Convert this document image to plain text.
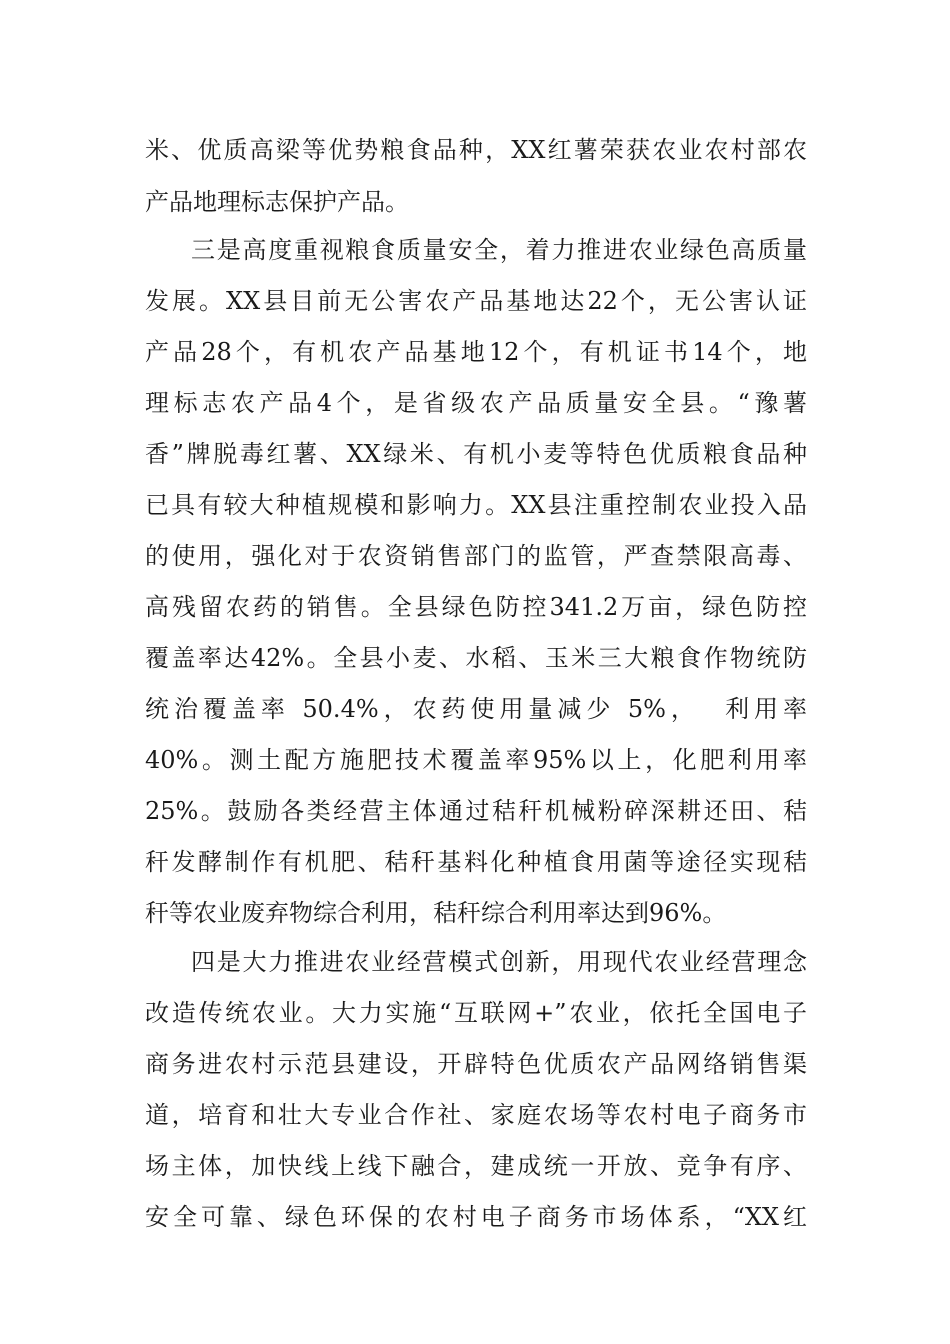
米、优质高梁等优势粮食品种，XX红薯荣获农业农村部农
产品地理标志保护产品。
三是高度重视粮食质量安全，着力推进农业绿色高质量
发展。XX县目前无公害农产品基地达22个，无公害认证
产品28个，有机农产品基地12个，有机证书14个，地
理标志农产品4个，是省级农产品质量安全县。“豫薯
香”牌脱毒红薯、XX绿米、有机小麦等特色优质粮食品种
已具有较大种植规模和影响力。XX县注重控制农业投入品
的使用，强化对于农资销售部门的监管，严查禁限高毒、
高残留农药的销售。全县绿色防控341.2万亩，绿色防控
覆盖率达42%。全县小麦、水稻、玉米三大粮食作物统防
统治覆盖率 50.4%，农药使用量减少 5%，  利用率
40%。测土配方施肥技术覆盖率95%以上，化肥利用率
25%。鼓励各类经营主体通过秸秆机械粉碎深耕还田、秸
秆发酵制作有机肥、秸秆基料化种植食用菌等途径实现秸
秆等农业废弃物综合利用，秸秆综合利用率达到96%。
四是大力推进农业经营模式创新，用现代农业经营理念
改造传统农业。大力实施“互联网+”农业，依托全国电子
商务进农村示范县建设，开辟特色优质农产品网络销售渠
道，培育和壮大专业合作社、家庭农场等农村电子商务市
场主体，加快线上线下融合，建成统一开放、竞争有序、
安全可靠、绿色环保的农村电子商务市场体系，“XX红
